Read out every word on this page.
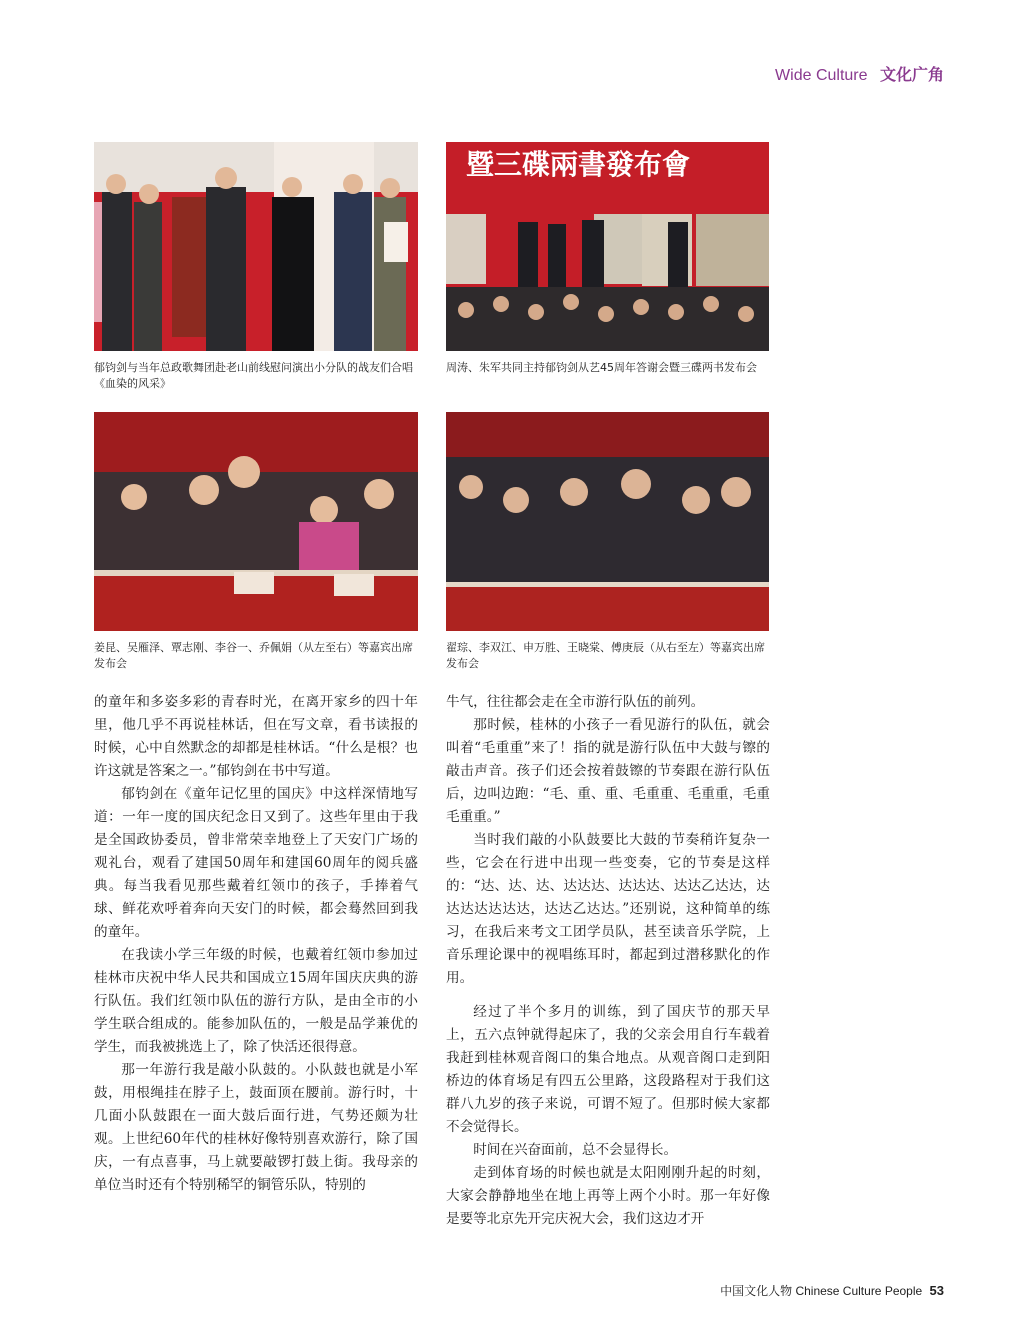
Wide Culture 文化广角
暨三碟兩書發布會
郁钧剑与当年总政歌舞团赴老山前线慰问演出小分队的战友们合唱《血染的风采》
周涛、朱军共同主持郁钧剑从艺45周年答谢会暨三碟两书发布会
姜昆、吴雁泽、覃志刚、李谷一、乔佩娟（从左至右）等嘉宾出席发布会
翟琮、李双江、申万胜、王晓棠、傅庚辰（从右至左）等嘉宾出席发布会

的童年和多姿多彩的青春时光，在离开家乡的四十年里，他几乎不再说桂林话，但在写文章，看书读报的时候，心中自然默念的却都是桂林话。“什么是根？也许这就是答案之一。”郁钧剑在书中写道。

郁钧剑在《童年记忆里的国庆》中这样深情地写道：一年一度的国庆纪念日又到了。这些年里由于我是全国政协委员，曾非常荣幸地登上了天安门广场的观礼台，观看了建国50周年和建国60周年的阅兵盛典。每当我看见那些戴着红领巾的孩子，手捧着气球、鲜花欢呼着奔向天安门的时候，都会蓦然回到我的童年。

在我读小学三年级的时候，也戴着红领巾参加过桂林市庆祝中华人民共和国成立15周年国庆庆典的游行队伍。我们红领巾队伍的游行方队，是由全市的小学生联合组成的。能参加队伍的，一般是品学兼优的学生，而我被挑选上了，除了快活还很得意。

那一年游行我是敲小队鼓的。小队鼓也就是小军鼓，用根绳挂在脖子上，鼓面顶在腰前。游行时，十几面小队鼓跟在一面大鼓后面行进，气势还颇为壮观。上世纪60年代的桂林好像特别喜欢游行，除了国庆，一有点喜事，马上就要敲锣打鼓上街。我母亲的单位当时还有个特别稀罕的铜管乐队，特别的

牛气，往往都会走在全市游行队伍的前列。

那时候，桂林的小孩子一看见游行的队伍，就会叫着“毛重重”来了！指的就是游行队伍中大鼓与镲的敲击声音。孩子们还会按着鼓镲的节奏跟在游行队伍后，边叫边跑：“毛、重、重、毛重重、毛重重，毛重毛重重。”

当时我们敲的小队鼓要比大鼓的节奏稍许复杂一些，它会在行进中出现一些变奏，它的节奏是这样的：“达、达、达、达达达、达达达、达达乙达达，达达达达达达达，达达乙达达。”还别说，这种简单的练习，在我后来考文工团学员队，甚至读音乐学院，上音乐理论课中的视唱练耳时，都起到过潜移默化的作用。

经过了半个多月的训练，到了国庆节的那天早上，五六点钟就得起床了，我的父亲会用自行车载着我赶到桂林观音阁口的集合地点。从观音阁口走到阳桥边的体育场足有四五公里路，这段路程对于我们这群八九岁的孩子来说，可谓不短了。但那时候大家都不会觉得长。

时间在兴奋面前，总不会显得长。

走到体育场的时候也就是太阳刚刚升起的时刻，大家会静静地坐在地上再等上两个小时。那一年好像是要等北京先开完庆祝大会，我们这边才开

中国文化人物 Chinese Culture People 53
